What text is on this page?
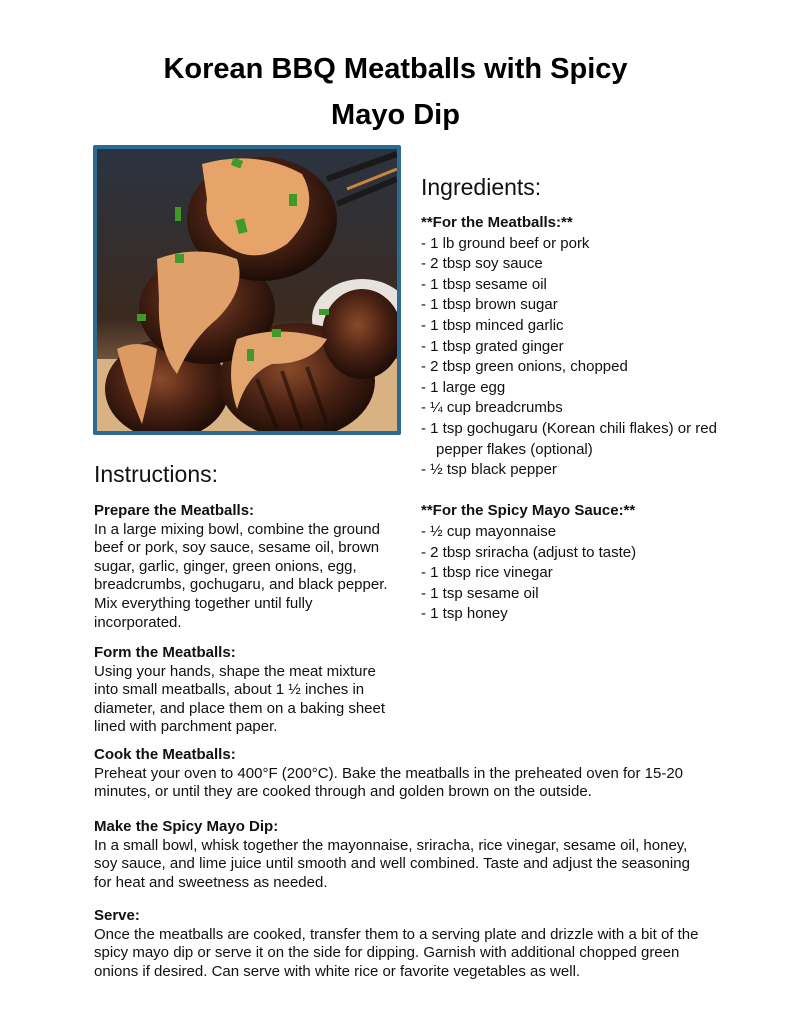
Korean BBQ Meatballs with Spicy
Mayo Dip
Ingredients:
**For the Meatballs:**
- 1 lb ground beef or pork
- 2 tbsp soy sauce
- 1 tbsp sesame oil
- 1 tbsp brown sugar
- 1 tbsp minced garlic
- 1 tbsp grated ginger
- 2 tbsp green onions, chopped
- 1 large egg
- ¼ cup breadcrumbs
- 1 tsp gochugaru (Korean chili flakes) or red pepper flakes (optional)
- ½ tsp black pepper
**For the Spicy Mayo Sauce:**
- ½ cup mayonnaise
- 2 tbsp sriracha (adjust to taste)
- 1 tbsp rice vinegar
- 1 tsp sesame oil
- 1 tsp honey
Instructions:
Prepare the Meatballs:
In a large mixing bowl, combine the ground beef or pork, soy sauce, sesame oil, brown sugar, garlic, ginger, green onions, egg, breadcrumbs, gochugaru, and black pepper. Mix everything together until fully incorporated.
Form the Meatballs:
Using your hands, shape the meat mixture into small meatballs, about 1 ½ inches in diameter, and place them on a baking sheet lined with parchment paper.
Cook the Meatballs:
Preheat your oven to 400°F (200°C). Bake the meatballs in the preheated oven for 15-20 minutes, or until they are cooked through and golden brown on the outside.
Make the Spicy Mayo Dip:
In a small bowl, whisk together the mayonnaise, sriracha, rice vinegar, sesame oil, honey, soy sauce, and lime juice until smooth and well combined. Taste and adjust the seasoning for heat and sweetness as needed.
Serve:
Once the meatballs are cooked, transfer them to a serving plate and drizzle with a bit of the spicy mayo dip or serve it on the side for dipping. Garnish with additional chopped green onions if desired. Can serve with white rice or favorite vegetables as well.
